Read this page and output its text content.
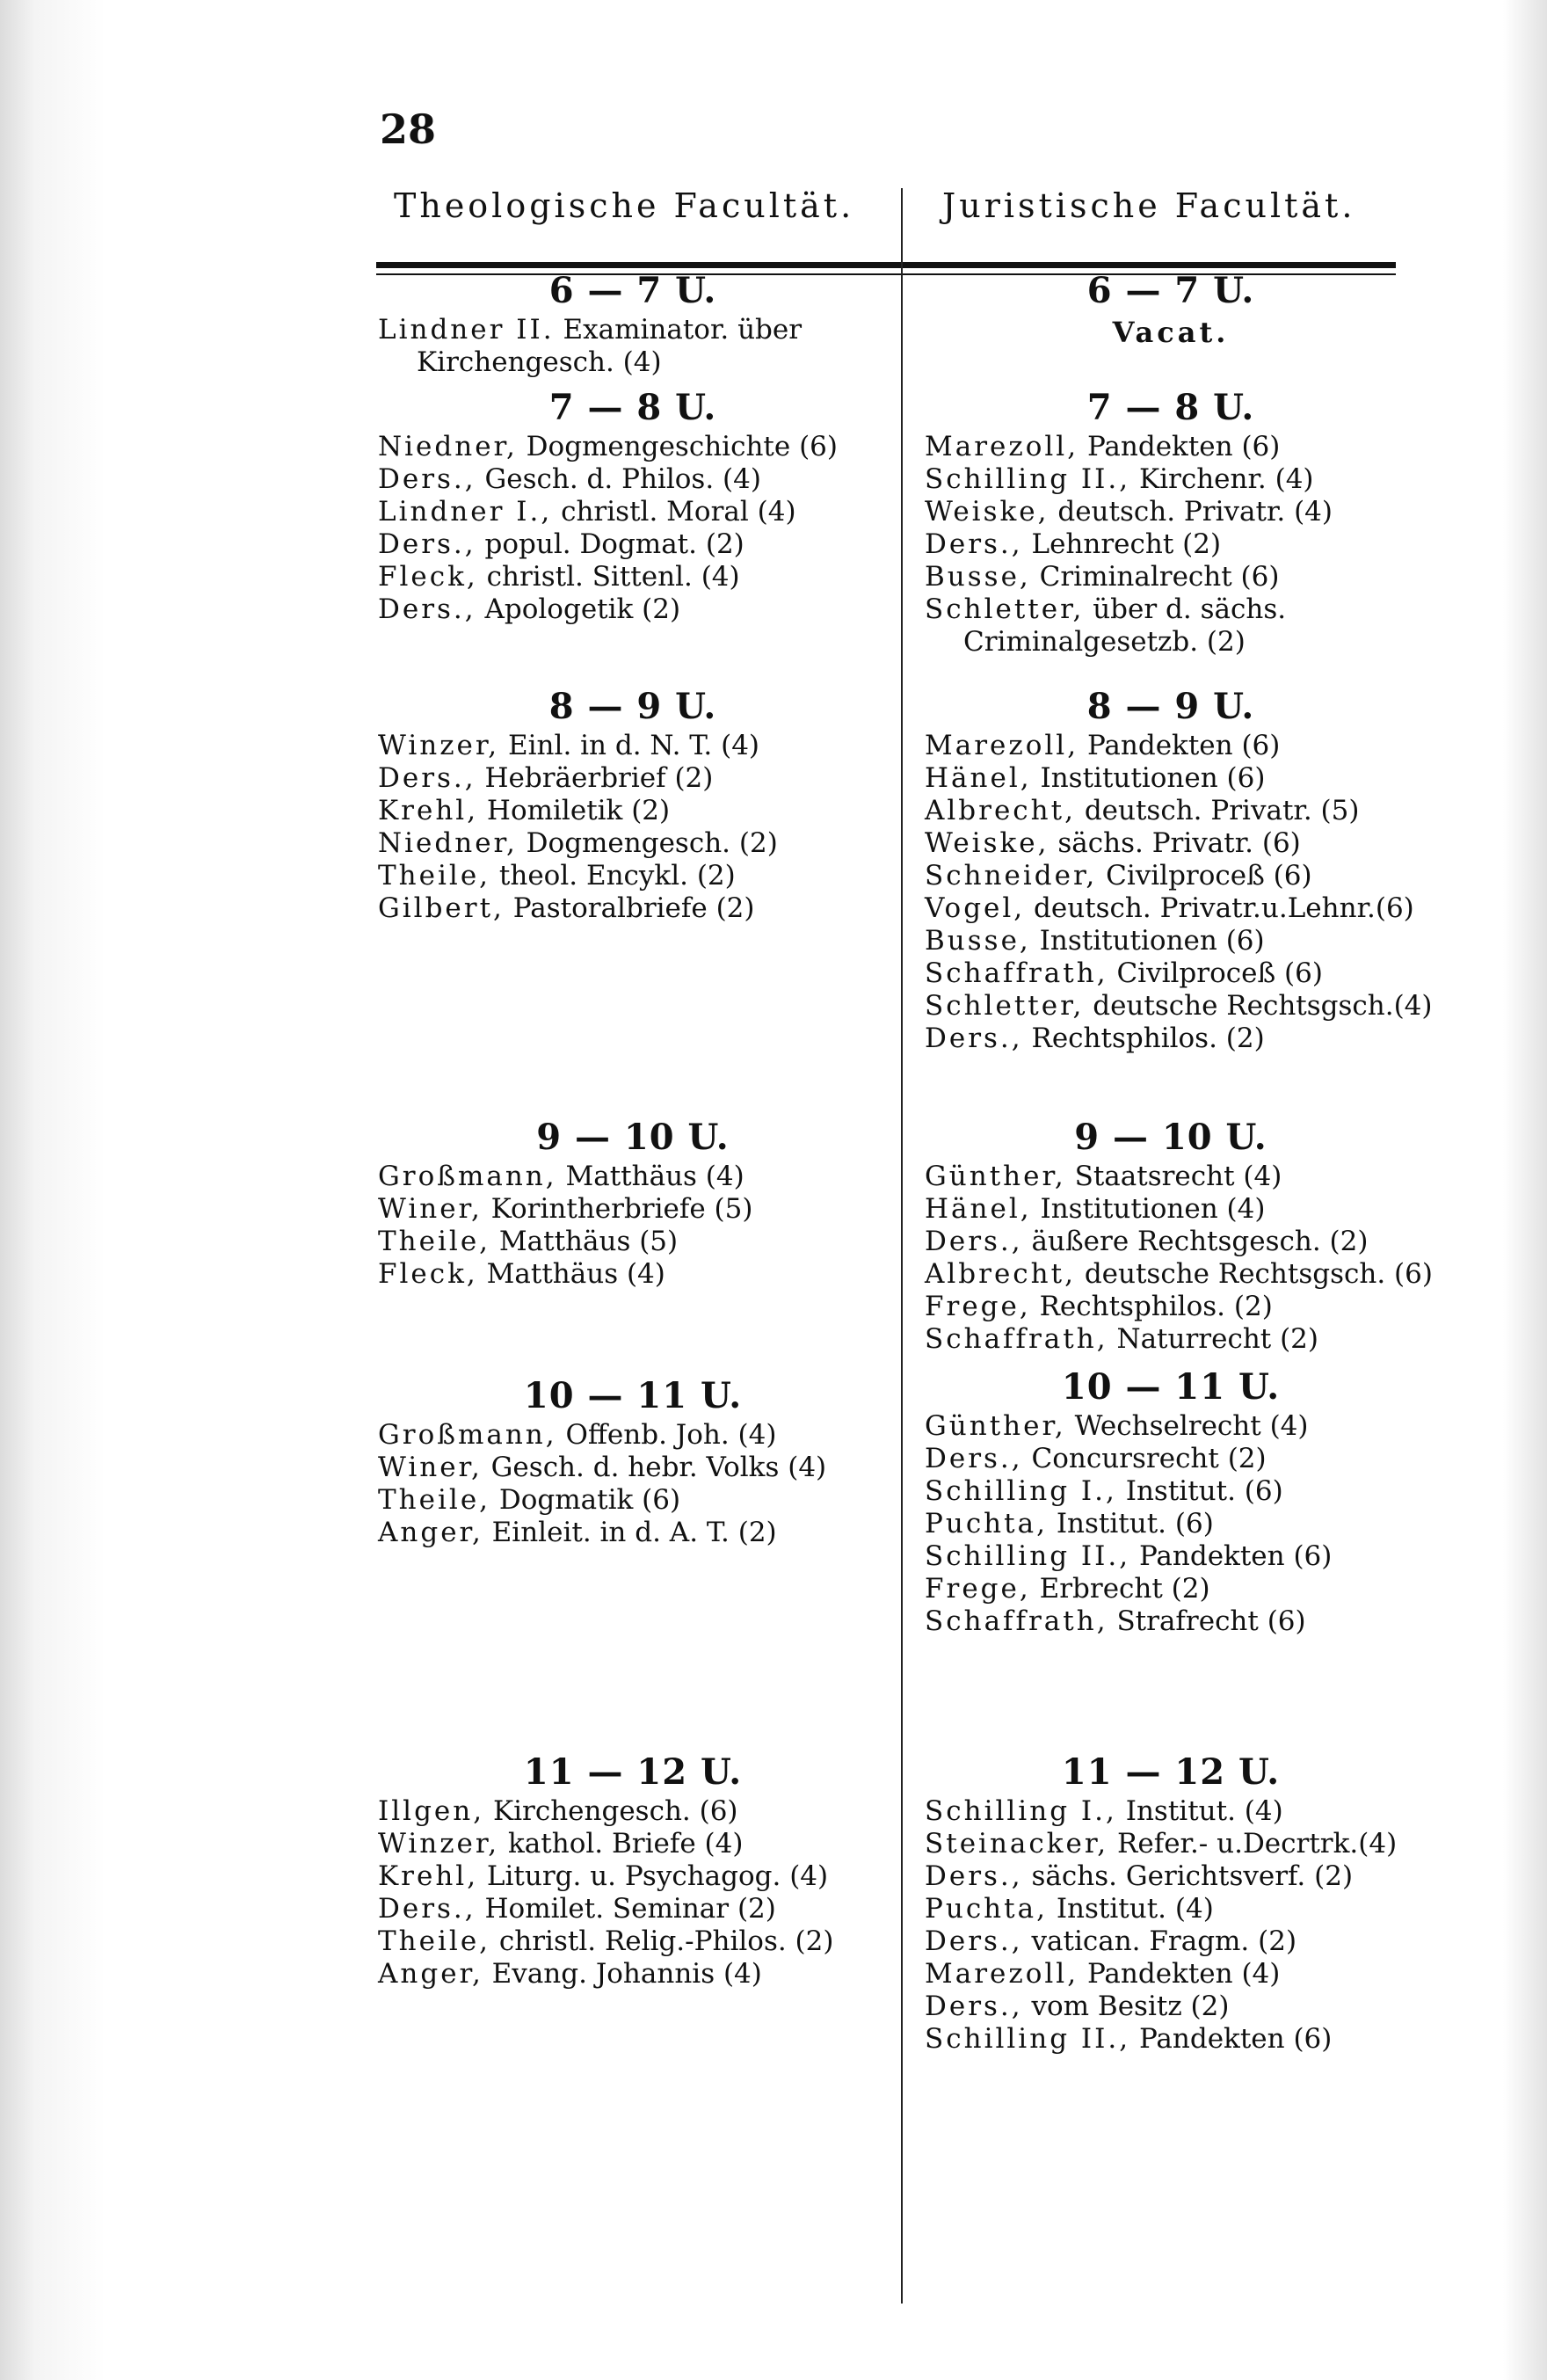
28
Theologische Facultät.	Juristische Facultät.
6 — 7 U.
Lindner II. Examinator. über Kirchengesch. (4)
7 — 8 U.
Niedner, Dogmengeschichte (6)
Ders., Gesch. d. Philos. (4)
Lindner I., christl. Moral (4)
Ders., popul. Dogmat. (2)
Fleck, christl. Sittenl. (4)
Ders., Apologetik (2)
8 — 9 U.
Winzer, Einl. in d. N. T. (4)
Ders., Hebräerbrief (2)
Krehl, Homiletik (2)
Niedner, Dogmengesch. (2)
Theile, theol. Encykl. (2)
Gilbert, Pastoralbriefe (2)
9 — 10 U.
Großmann, Matthäus (4)
Winer, Korintherbriefe (5)
Theile, Matthäus (5)
Fleck, Matthäus (4)
10 — 11 U.
Großmann, Offenb. Joh. (4)
Winer, Gesch. d. hebr. Volks (4)
Theile, Dogmatik (6)
Anger, Einleit. in d. A. T. (2)
11 — 12 U.
Illgen, Kirchengesch. (6)
Winzer, kathol. Briefe (4)
Krehl, Liturg. u. Psychagog. (4)
Ders., Homilet. Seminar (2)
Theile, christl. Relig.-Philos. (2)
Anger, Evang. Johannis (4)
6 — 7 U.
Vacat.
7 — 8 U.
Marezoll, Pandekten (6)
Schilling II., Kirchenr. (4)
Weiske, deutsch. Privatr. (4)
Ders., Lehnrecht (2)
Busse, Criminalrecht (6)
Schletter, über d. sächs. Criminalgesetzb. (2)
8 — 9 U.
Marezoll, Pandekten (6)
Hänel, Institutionen (6)
Albrecht, deutsch. Privatr. (5)
Weiske, sächs. Privatr. (6)
Schneider, Civilproceß (6)
Vogel, deutsch. Privatr.u.Lehnr.(6)
Busse, Institutionen (6)
Schaffrath, Civilproceß (6)
Schletter, deutsche Rechtsgsch.(4)
Ders., Rechtsphilos. (2)
9 — 10 U.
Günther, Staatsrecht (4)
Hänel, Institutionen (4)
Ders., äußere Rechtsgesch. (2)
Albrecht, deutsche Rechtsgsch. (6)
Frege, Rechtsphilos. (2)
Schaffrath, Naturrecht (2)
10 — 11 U.
Günther, Wechselrecht (4)
Ders., Concursrecht (2)
Schilling I., Institut. (6)
Puchta, Institut. (6)
Schilling II., Pandekten (6)
Frege, Erbrecht (2)
Schaffrath, Strafrecht (6)
11 — 12 U.
Schilling I., Institut. (4)
Steinacker, Refer.- u.Decrtrk.(4)
Ders., sächs. Gerichtsverf. (2)
Puchta, Institut. (4)
Ders., vatican. Fragm. (2)
Marezoll, Pandekten (4)
Ders., vom Besitz (2)
Schilling II., Pandekten (6)
